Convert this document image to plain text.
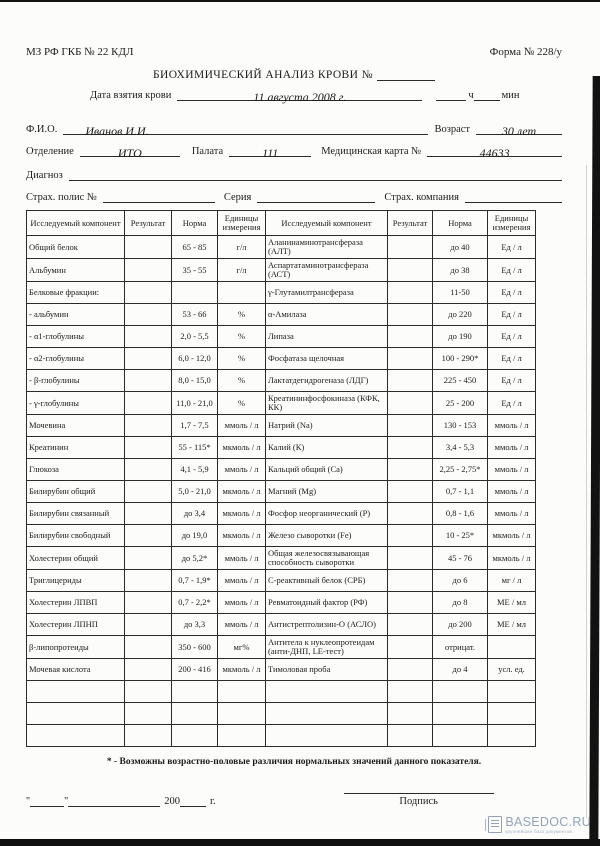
МЗ РФ ГКБ № 22 КДЛ	Форма № 228/у
БИОХИМИЧЕСКИЙ АНАЛИЗ КРОВИ №
Дата взятия крови	11 августа 2008 г.	ч	мин
Ф.И.О.	Иванов И.И.	Возраст	30 лет
Отделение	ИТО	Палата	111	Медицинская карта №	44633
Диагноз
Страх. полис №	Серия	Страх. компания
Исследуемый компонент	Результат	Норма	Единицы измерения	Исследуемый компонент	Результат	Норма	Единицы измерения
Общий белок		65 - 85	г/л	Аланинаминотрансфераза (АЛТ)		до 40	Ед / л
Альбумин		35 - 55	г/л	Аспартатаминотрансфераза (АСТ)		до 38	Ед / л
Белковые фракции:				γ-Глутамилтрансфераза		11-50	Ед / л
- альбумин		53 - 66	%	α-Амилаза		до 220	Ед / л
- α1-глобулины		2,0 - 5,5	%	Липаза		до 190	Ед / л
- α2-глобулины		6,0 - 12,0	%	Фосфатаза щелочная		100 - 290*	Ед / л
- β-глобулины		8,0 - 15,0	%	Лактатдегидрогеназа (ЛДГ)		225 - 450	Ед / л
- γ-глобулины		11,0 - 21,0	%	Креатининфосфокиназа (КФК, КК)		25 - 200	Ед / л
Мочевина		1,7 - 7,5	ммоль / л	Натрий (Na)		130 - 153	ммоль / л
Креатинин		55 - 115*	мкмоль / л	Калий (К)		3,4 - 5,3	ммоль / л
Глюкоза		4,1 - 5,9	ммоль / л	Кальций общий (Са)		2,25 - 2,75*	ммоль / л
Билирубин общий		5,0 - 21,0	мкмоль / л	Магний (Mg)		0,7 - 1,1	ммоль / л
Билирубин связанный		до 3,4	мкмоль / л	Фосфор неорганический (Р)		0,8 - 1,6	ммоль / л
Билирубин свободный		до 19,0	мкмоль / л	Железо сыворотки (Fe)		10 - 25*	мкмоль / л
Холестерин общий		до 5,2*	ммоль / л	Общая железосвязывающая способность сыворотки		45 - 76	мкмоль / л
Триглицериды		0,7 - 1,9*	ммоль / л	С-реактивный белок (СРБ)		до 6	мг / л
Холестерин ЛПВП		0,7 - 2,2*	ммоль / л	Ревматоидный фактор (РФ)		до 8	МЕ / мл
Холестерин ЛПНП		до 3,3	ммоль / л	Антистрептолизин-О (АСЛО)		до 200	МЕ / мл
β-липопротеиды		350 - 600	мг%	Антитела к нуклеопротеидам (анти-ДНП, LE-тест)		отрицат.	
Мочевая кислота		200 - 416	мкмоль / л	Тимоловая проба		до 4	усл. ед.

* - Возможны возрастно-половые различия нормальных значений данного показателя.
"	"	200	г.	Подпись
BASEDOC.RU
крупнейшая база документов
